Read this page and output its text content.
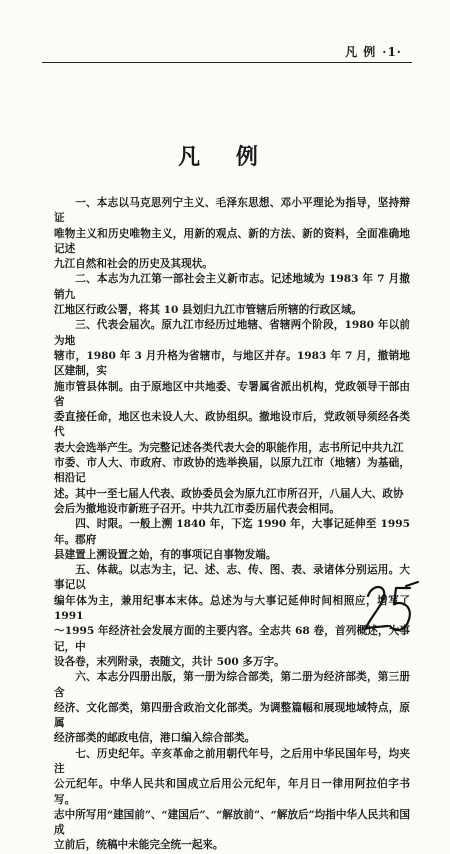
凡 例 ·1·
凡 例

一、本志以马克思列宁主义、毛泽东思想、邓小平理论为指导，坚持辩证
唯物主义和历史唯物主义，用新的观点、新的方法、新的资料，全面准确地记述
九江自然和社会的历史及其现状。

二、本志为九江第一部社会主义新市志。记述地域为 1983 年 7 月撤销九
江地区行政公署，将其 10 县划归九江市管辖后所辖的行政区域。

三、代表会届次。原九江市经历过地辖、省辖两个阶段，1980 年以前为地
辖市，1980 年 3 月升格为省辖市，与地区并存。1983 年 7 月，撤销地区建制，实
施市管县体制。由于原地区中共地委、专署属省派出机构，党政领导干部由省
委直接任命，地区也未设人大、政协组织。撤地设市后，党政领导须经各类代
表大会选举产生。为完整记述各类代表大会的职能作用，志书所记中共九江
市委、市人大、市政府、市政协的选举换届，以原九江市（地辖）为基础，相沿记
述。其中一至七届人代表、政协委员会为原九江市所召开，八届人大、政协
会后为撤地设市新班子召开。中共九江市委历届代表会相同。

四、时限。一般上溯 1840 年，下迄 1990 年，大事记延伸至 1995 年。郡府
县建置上溯设置之始，有的事项记自事物发端。

五、体裁。以志为主，记、述、志、传、图、表、录诸体分别运用。大事记以
编年体为主，兼用纪事本末体。总述为与大事记延伸时间相照应，增写了 1991
～1995 年经济社会发展方面的主要内容。全志共 68 卷，首列概述，大事记，中
设各卷，末列附录，表随文，共计 500 多万字。

六、本志分四册出版，第一册为综合部类，第二册为经济部类，第三册含
经济、文化部类，第四册含政治文化部类。为调整篇幅和展现地域特点，原属
经济部类的邮政电信，港口编入综合部类。

七、历史纪年。辛亥革命之前用朝代年号，之后用中华民国年号，均夹注
公元纪年。中华人民共和国成立后用公元纪年，年月日一律用阿拉伯字书写。
志中所写用“建国前”、“建国后”、“解放前”、“解放后”均指中华人民共和国成
立前后，统稿中未能完全统一起来。
